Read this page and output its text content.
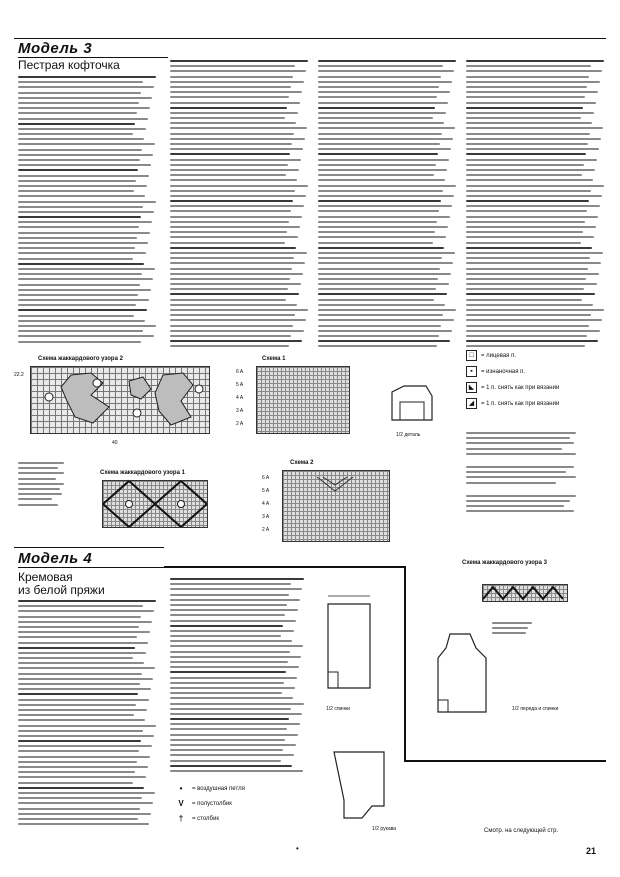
Модель 3
Пестрая кофточка
Схема жаккардового узора 2
22.2
40
Схема 1
6 A
5 A
4 A
3 A
2 A
1/2 деталь
□	= лицевая п.
▪	= изнаночная п.
◣	= 1 п. снять как при вязании
◢	= 1 п. снять как при вязании
Схема жаккардового узора 1
Схема 2
6 A
5 A
4 A
3 A
2 A
Модель 4
Кремовая
из белой пряжи
Схема жаккардового узора 3
1/2 спинки	1/2 переда и спинки
1/2 рукава
•	= воздушная петля
V	= полустолбик
†	= столбик
Смотр. на следующей стр.
21
•
